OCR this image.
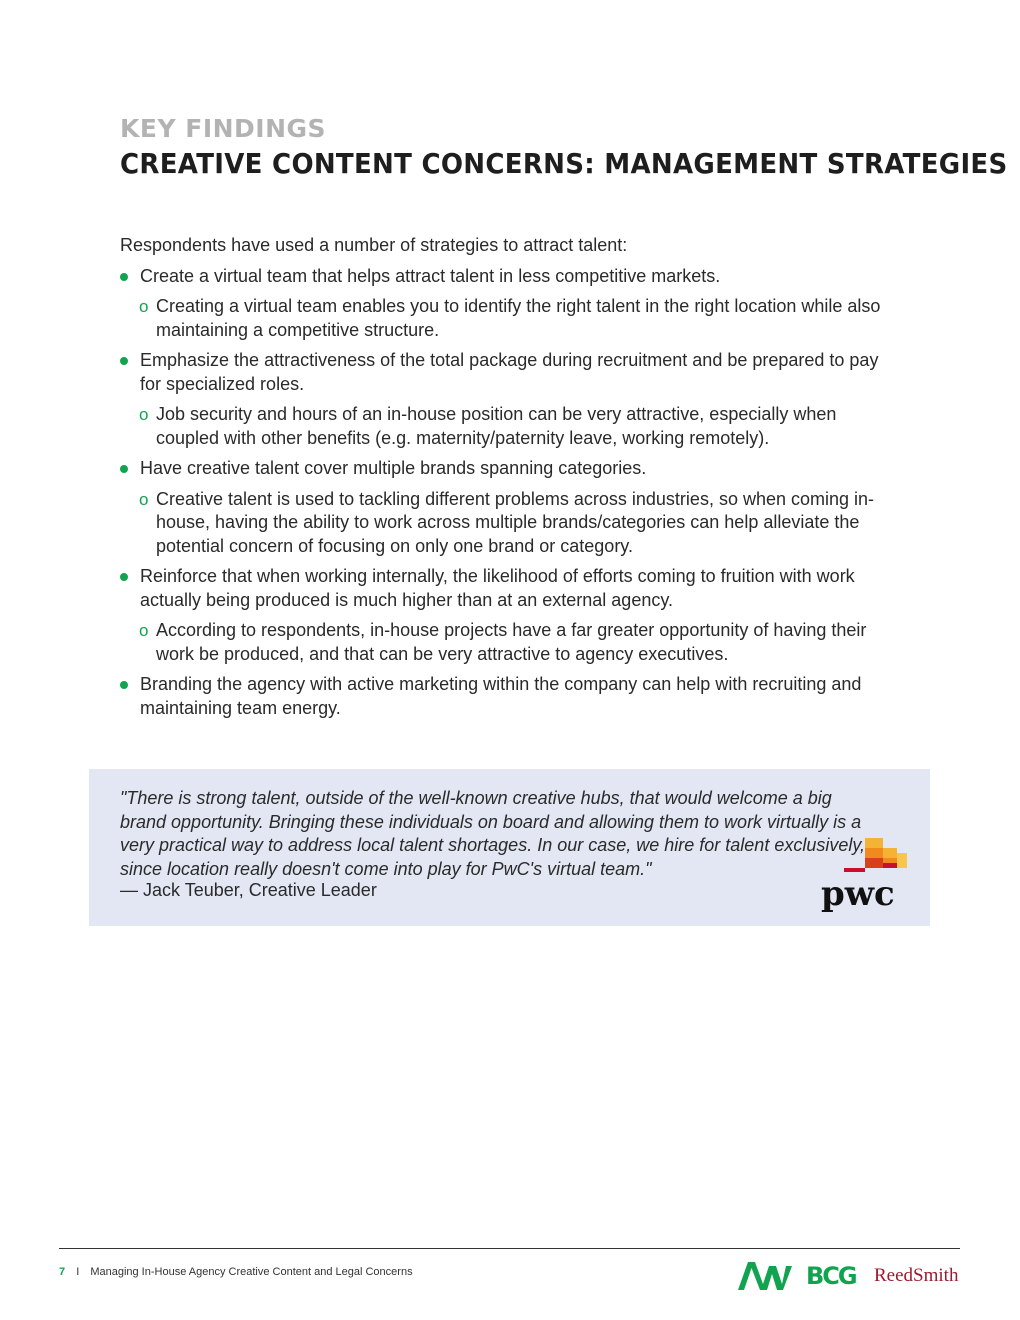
KEY FINDINGS
CREATIVE CONTENT CONCERNS: MANAGEMENT STRATEGIES

Respondents have used a number of strategies to attract talent:

Create a virtual team that helps attract talent in less competitive markets.
o Creating a virtual team enables you to identify the right talent in the right location while also maintaining a competitive structure.
Emphasize the attractiveness of the total package during recruitment and be prepared to pay for specialized roles.
o Job security and hours of an in-house position can be very attractive, especially when coupled with other benefits (e.g. maternity/paternity leave, working remotely).
Have creative talent cover multiple brands spanning categories.
o Creative talent is used to tackling different problems across industries, so when coming in-house, having the ability to work across multiple brands/categories can help alleviate the potential concern of focusing on only one brand or category.
Reinforce that when working internally, the likelihood of efforts coming to fruition with work actually being produced is much higher than at an external agency.
o According to respondents, in-house projects have a far greater opportunity of having their work be produced, and that can be very attractive to agency executives.
Branding the agency with active marketing within the company can help with recruiting and maintaining team energy.
"There is strong talent, outside of the well-known creative hubs, that would welcome a big brand opportunity. Bringing these individuals on board and allowing them to work virtually is a very practical way to address local talent shortages. In our case, we hire for talent exclusively, since location really doesn't come into play for PwC's virtual team."
— Jack Teuber, Creative Leader	pwc
7 I Managing In-House Agency Creative Content and Legal Concerns
ANA
BCG ReedSmith
